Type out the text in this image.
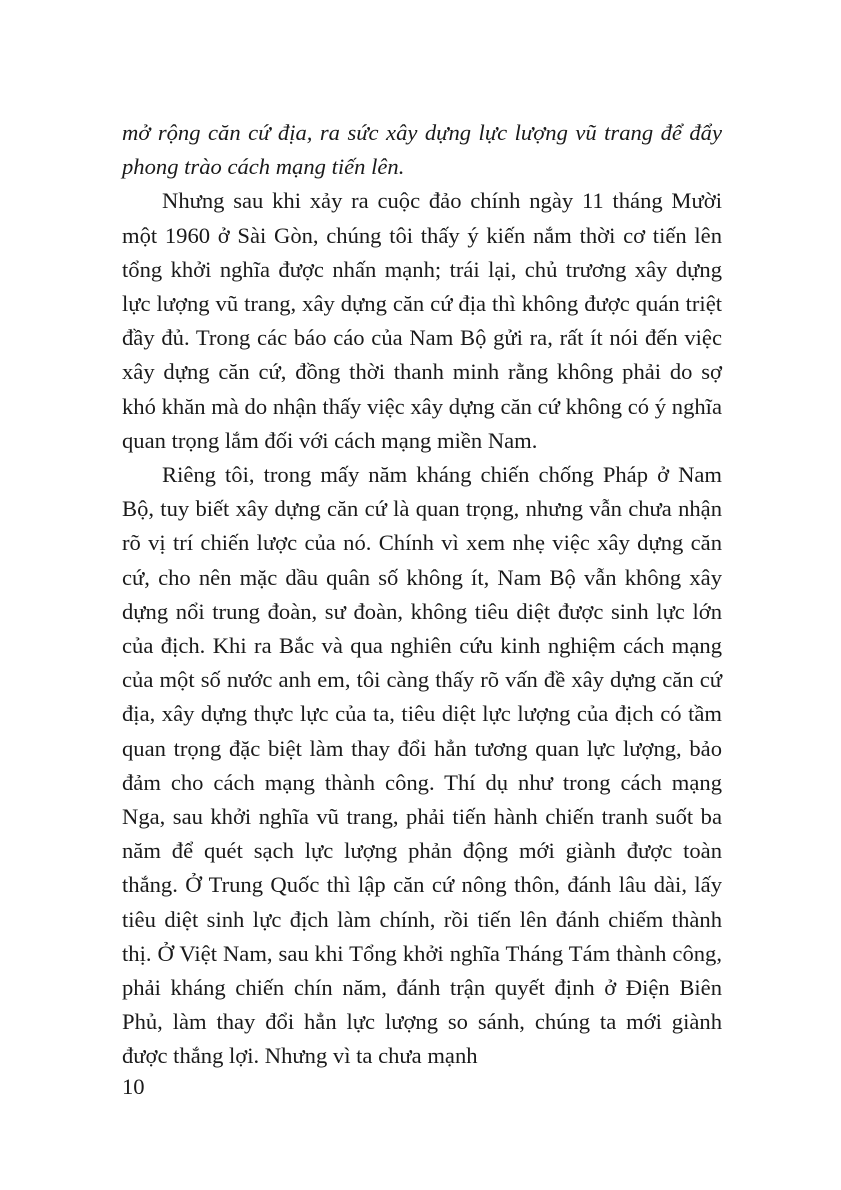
mở rộng căn cứ địa, ra sức xây dựng lực lượng vũ trang để đẩy phong trào cách mạng tiến lên.

Nhưng sau khi xảy ra cuộc đảo chính ngày 11 tháng Mười một 1960 ở Sài Gòn, chúng tôi thấy ý kiến nắm thời cơ tiến lên tổng khởi nghĩa được nhấn mạnh; trái lại, chủ trương xây dựng lực lượng vũ trang, xây dựng căn cứ địa thì không được quán triệt đầy đủ. Trong các báo cáo của Nam Bộ gửi ra, rất ít nói đến việc xây dựng căn cứ, đồng thời thanh minh rằng không phải do sợ khó khăn mà do nhận thấy việc xây dựng căn cứ không có ý nghĩa quan trọng lắm đối với cách mạng miền Nam.

Riêng tôi, trong mấy năm kháng chiến chống Pháp ở Nam Bộ, tuy biết xây dựng căn cứ là quan trọng, nhưng vẫn chưa nhận rõ vị trí chiến lược của nó. Chính vì xem nhẹ việc xây dựng căn cứ, cho nên mặc dầu quân số không ít, Nam Bộ vẫn không xây dựng nổi trung đoàn, sư đoàn, không tiêu diệt được sinh lực lớn của địch. Khi ra Bắc và qua nghiên cứu kinh nghiệm cách mạng của một số nước anh em, tôi càng thấy rõ vấn đề xây dựng căn cứ địa, xây dựng thực lực của ta, tiêu diệt lực lượng của địch có tầm quan trọng đặc biệt làm thay đổi hẳn tương quan lực lượng, bảo đảm cho cách mạng thành công. Thí dụ như trong cách mạng Nga, sau khởi nghĩa vũ trang, phải tiến hành chiến tranh suốt ba năm để quét sạch lực lượng phản động mới giành được toàn thắng. Ở Trung Quốc thì lập căn cứ nông thôn, đánh lâu dài, lấy tiêu diệt sinh lực địch làm chính, rồi tiến lên đánh chiếm thành thị. Ở Việt Nam, sau khi Tổng khởi nghĩa Tháng Tám thành công, phải kháng chiến chín năm, đánh trận quyết định ở Điện Biên Phủ, làm thay đổi hẳn lực lượng so sánh, chúng ta mới giành được thắng lợi. Nhưng vì ta chưa mạnh

10
